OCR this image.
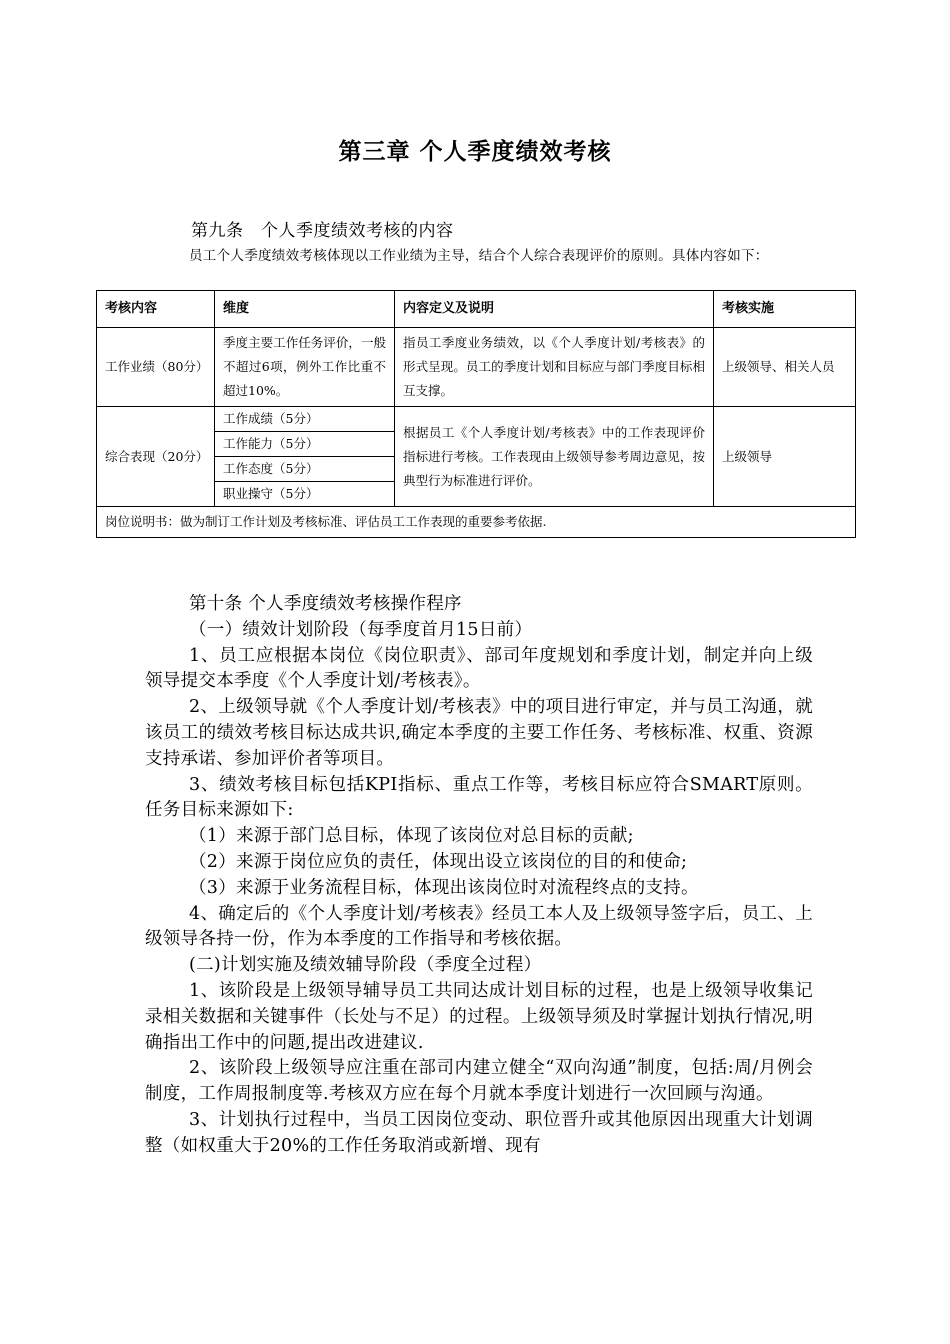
第三章 个人季度绩效考核
第九条　个人季度绩效考核的内容
员工个人季度绩效考核体现以工作业绩为主导，结合个人综合表现评价的原则。具体内容如下：
考核内容	维度	内容定义及说明	考核实施
工作业绩（80分）	季度主要工作任务评价，一般不超过6项，例外工作比重不超过10%。	指员工季度业务绩效，以《个人季度计划/考核表》的形式呈现。员工的季度计划和目标应与部门季度目标相互支撑。	上级领导、相关人员
综合表现（20分）	工作成绩（5分）	根据员工《个人季度计划/考核表》中的工作表现评价指标进行考核。工作表现由上级领导参考周边意见，按典型行为标准进行评价。	上级领导
	工作能力（5分）		
	工作态度（5分）		
	职业操守（5分）		
岗位说明书：做为制订工作计划及考核标准、评估员工工作表现的重要参考依据.			

第十条 个人季度绩效考核操作程序

（一）绩效计划阶段（每季度首月15日前）

1、员工应根据本岗位《岗位职责》、部司年度规划和季度计划，制定并向上级领导提交本季度《个人季度计划/考核表》。

2、上级领导就《个人季度计划/考核表》中的项目进行审定，并与员工沟通，就该员工的绩效考核目标达成共识,确定本季度的主要工作任务、考核标准、权重、资源支持承诺、参加评价者等项目。

3、绩效考核目标包括KPI指标、重点工作等，考核目标应符合SMART原则。任务目标来源如下:

（1）来源于部门总目标，体现了该岗位对总目标的贡献;

（2）来源于岗位应负的责任，体现出设立该岗位的目的和使命;

（3）来源于业务流程目标，体现出该岗位时对流程终点的支持。

4、确定后的《个人季度计划/考核表》经员工本人及上级领导签字后，员工、上级领导各持一份，作为本季度的工作指导和考核依据。

(二)计划实施及绩效辅导阶段（季度全过程）

1、该阶段是上级领导辅导员工共同达成计划目标的过程，也是上级领导收集记录相关数据和关键事件（长处与不足）的过程。上级领导须及时掌握计划执行情况,明确指出工作中的问题,提出改进建议.

2、该阶段上级领导应注重在部司内建立健全“双向沟通”制度，包括:周/月例会制度，工作周报制度等.考核双方应在每个月就本季度计划进行一次回顾与沟通。

3、计划执行过程中，当员工因岗位变动、职位晋升或其他原因出现重大计划调整（如权重大于20%的工作任务取消或新增、现有
